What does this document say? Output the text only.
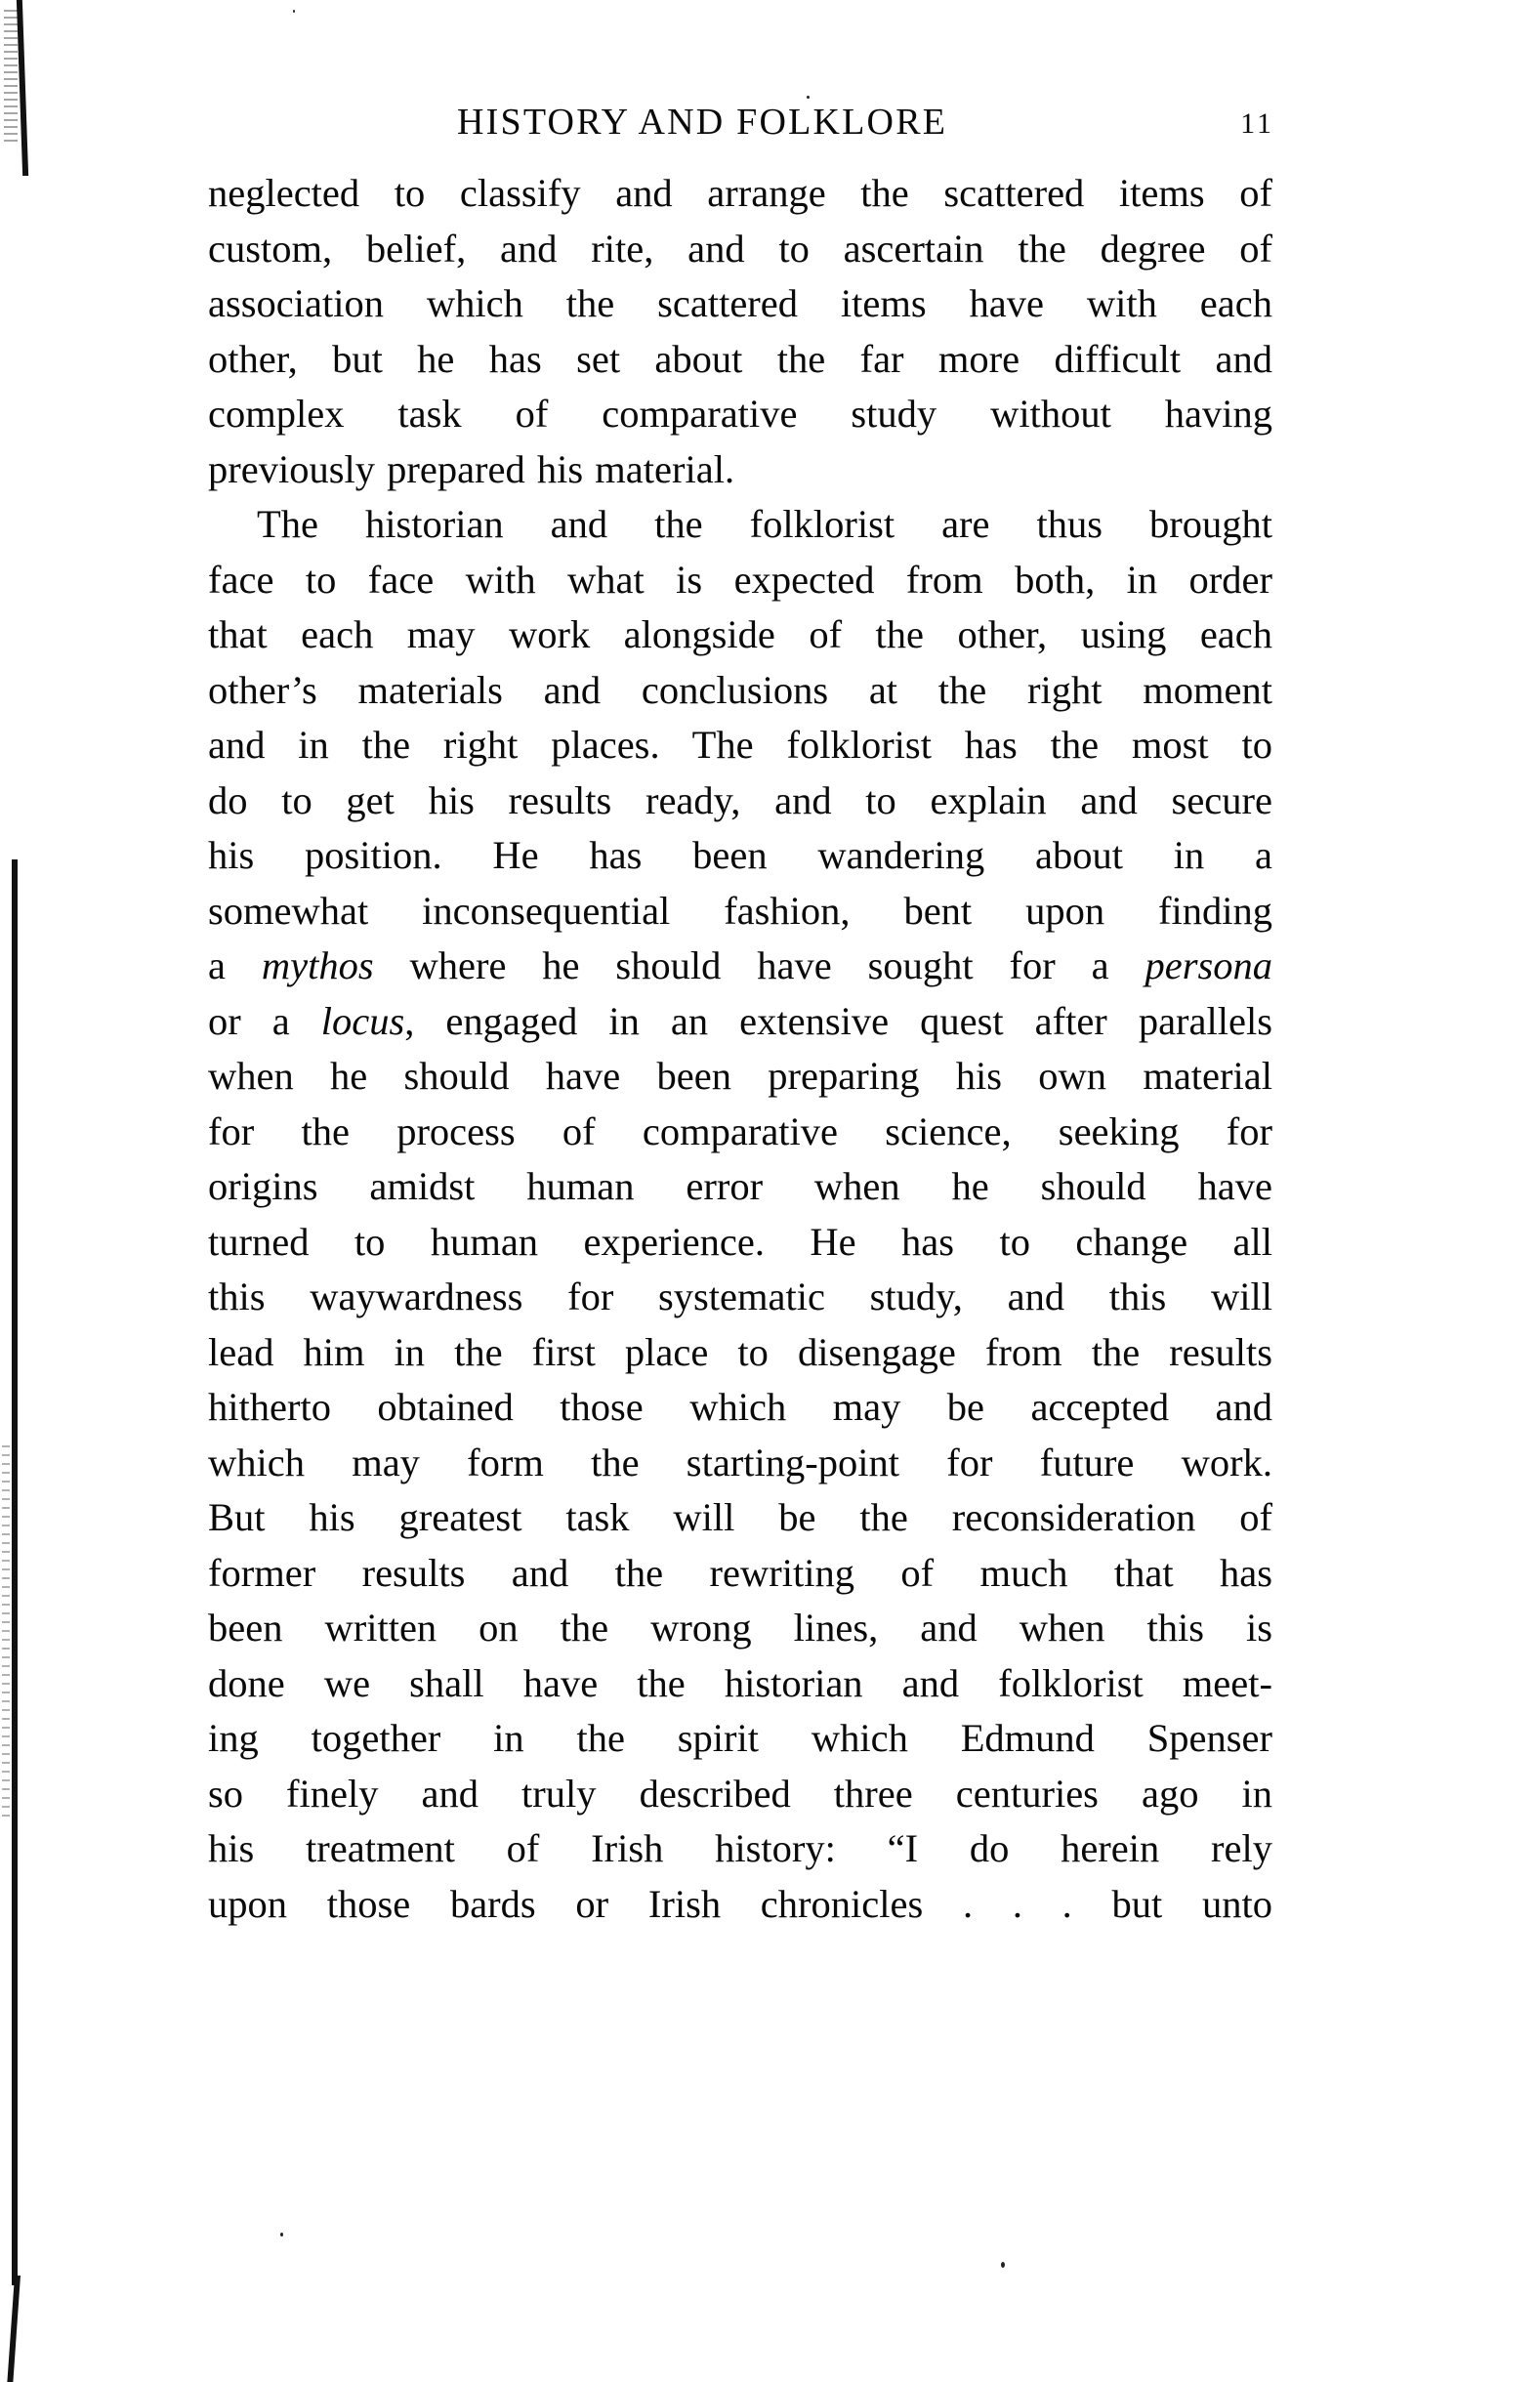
HISTORY AND FOLKLORE	11
neglected to classify and arrange the scattered items of
custom, belief, and rite, and to ascertain the degree of
association which the scattered items have with each
other, but he has set about the far more difficult and
complex task of comparative study without having
previously prepared his material.
The historian and the folklorist are thus brought
face to face with what is expected from both, in order
that each may work alongside of the other, using each
other’s materials and conclusions at the right moment
and in the right places. The folklorist has the most to
do to get his results ready, and to explain and secure
his position. He has been wandering about in a
somewhat inconsequential fashion, bent upon finding
a mythos where he should have sought for a persona
or a locus, engaged in an extensive quest after parallels
when he should have been preparing his own material
for the process of comparative science, seeking for
origins amidst human error when he should have
turned to human experience. He has to change all
this waywardness for systematic study, and this will
lead him in the first place to disengage from the results
hitherto obtained those which may be accepted and
which may form the starting-point for future work.
But his greatest task will be the reconsideration of
former results and the rewriting of much that has
been written on the wrong lines, and when this is
done we shall have the historian and folklorist meet-
ing together in the spirit which Edmund Spenser
so finely and truly described three centuries ago in
his treatment of Irish history: “I do herein rely
upon those bards or Irish chronicles . . . but unto
